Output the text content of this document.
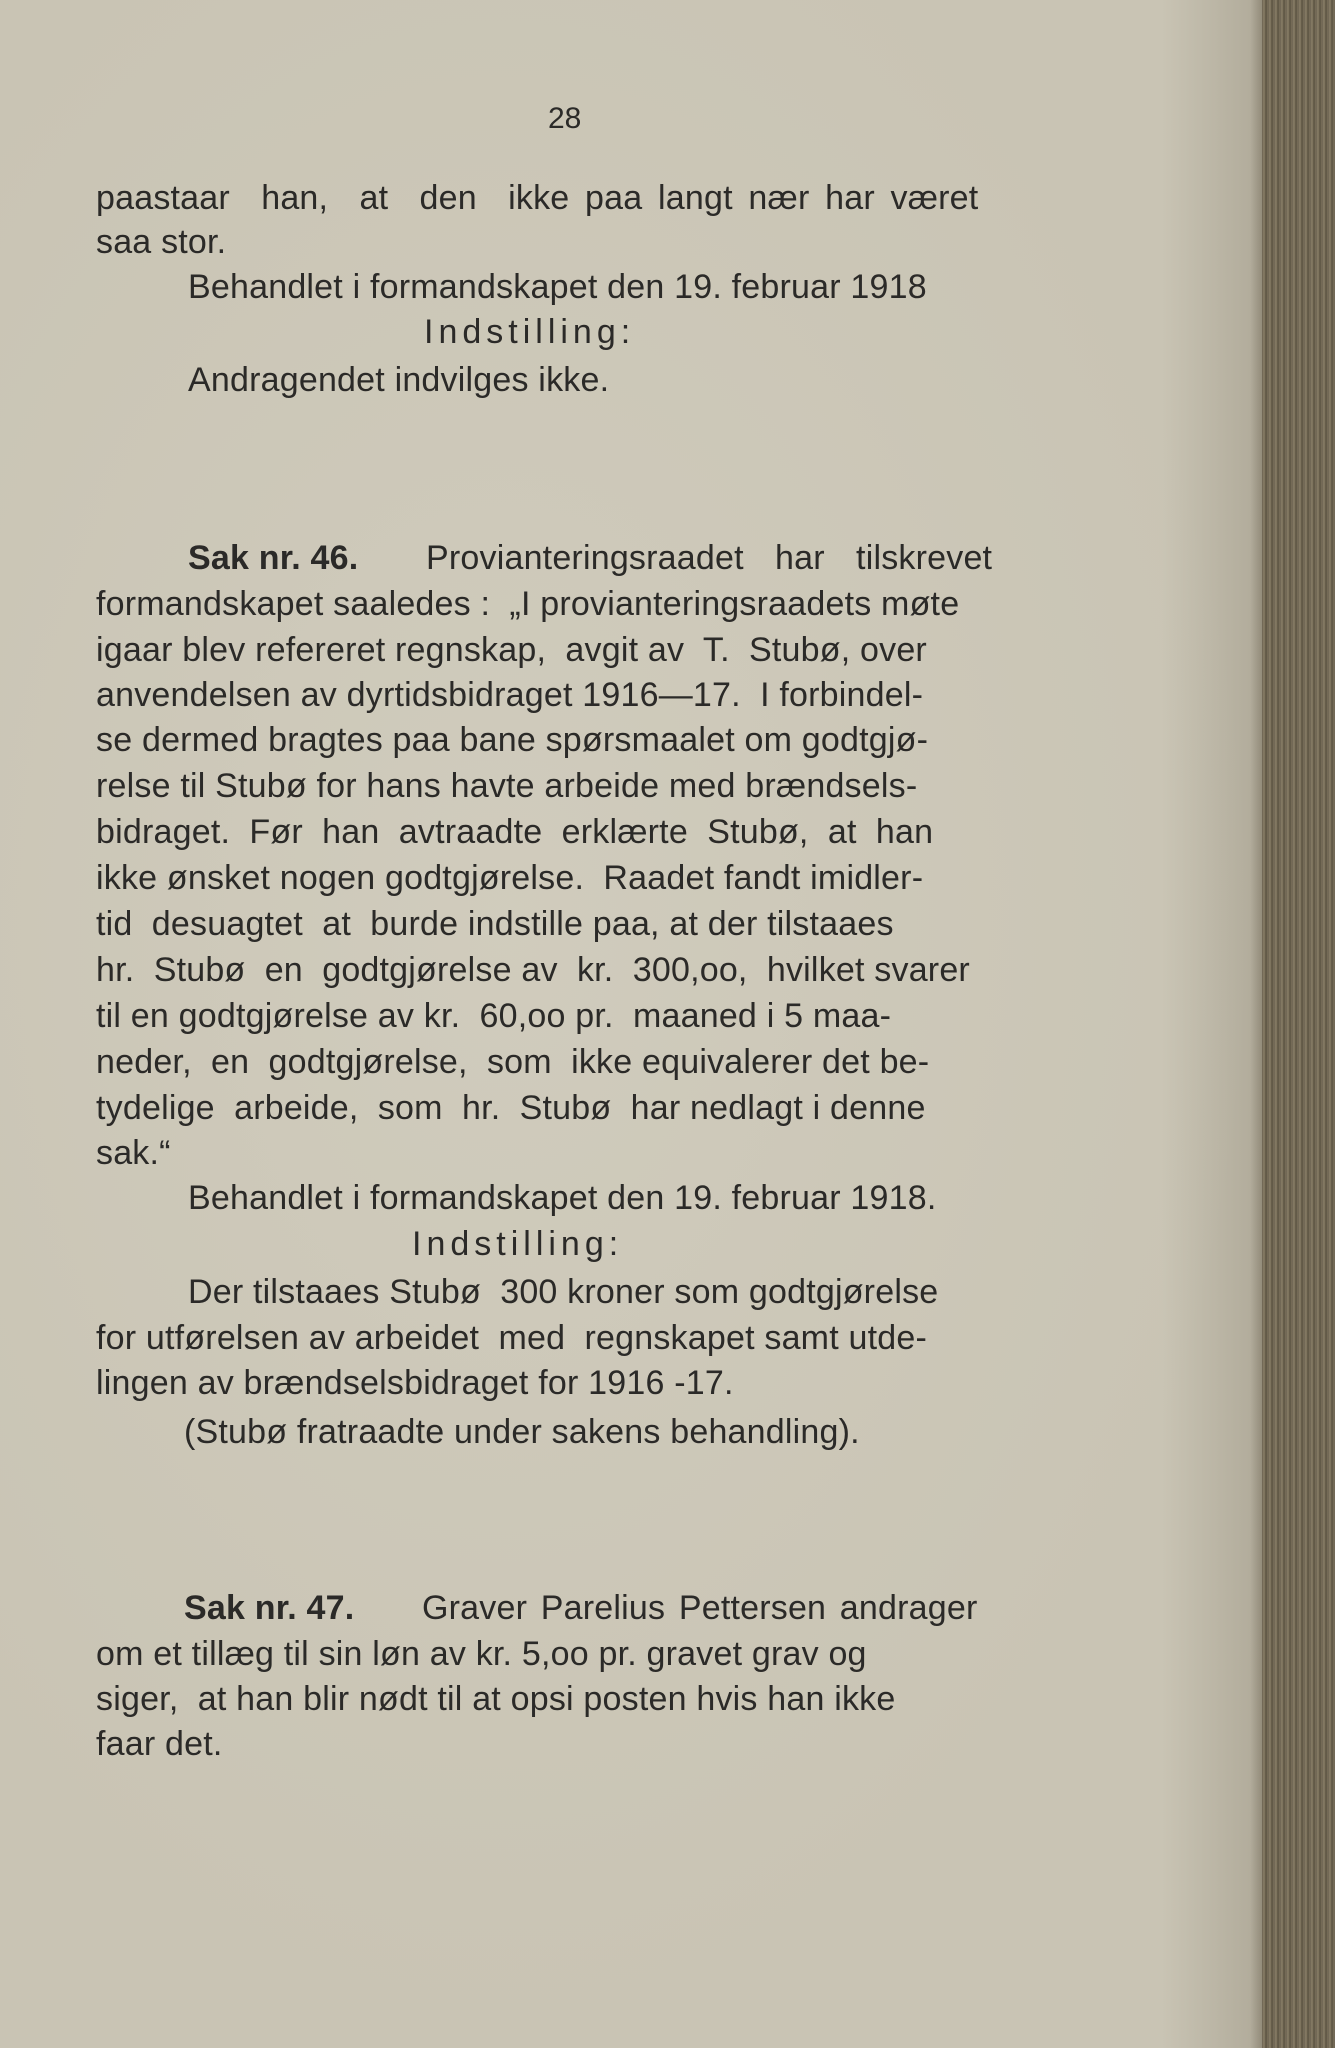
28
paastaar  han,  at  den  ikke paa langt nær har været
saa stor.
Behandlet i formandskapet den 19. februar 1918
Indstilling:
Andragendet indvilges ikke.
Sak nr. 46. Provianteringsraadet  har  tilskrevet
formandskapet saaledes :  „I provianteringsraadets møte
igaar blev refereret regnskap,  avgit av  T.  Stubø, over
anvendelsen av dyrtidsbidraget 1916—17.  I forbindel-
se dermed bragtes paa bane spørsmaalet om godtgjø-
relse til Stubø for hans havte arbeide med brændsels-
bidraget.  Før  han  avtraadte  erklærte  Stubø,  at  han
ikke ønsket nogen godtgjørelse.  Raadet fandt imidler-
tid  desuagtet  at  burde indstille paa, at der tilstaaes
hr.  Stubø  en  godtgjørelse av  kr.  300,oo,  hvilket svarer
til en godtgjørelse av kr.  60,oo pr.  maaned i 5 maa-
neder,  en  godtgjørelse,  som  ikke equivalerer det be-
tydelige  arbeide,  som  hr.  Stubø  har nedlagt i denne
sak.“
Behandlet i formandskapet den 19. februar 1918.
Indstilling:
Der tilstaaes Stubø  300 kroner som godtgjørelse
for utførelsen av arbeidet  med  regnskapet samt utde-
lingen av brændselsbidraget for 1916 -17.
(Stubø fratraadte under sakens behandling).
Sak nr. 47. Graver Parelius Pettersen andrager
om et tillæg til sin løn av kr. 5,oo pr. gravet grav og
siger,  at han blir nødt til at opsi posten hvis han ikke
faar det.
